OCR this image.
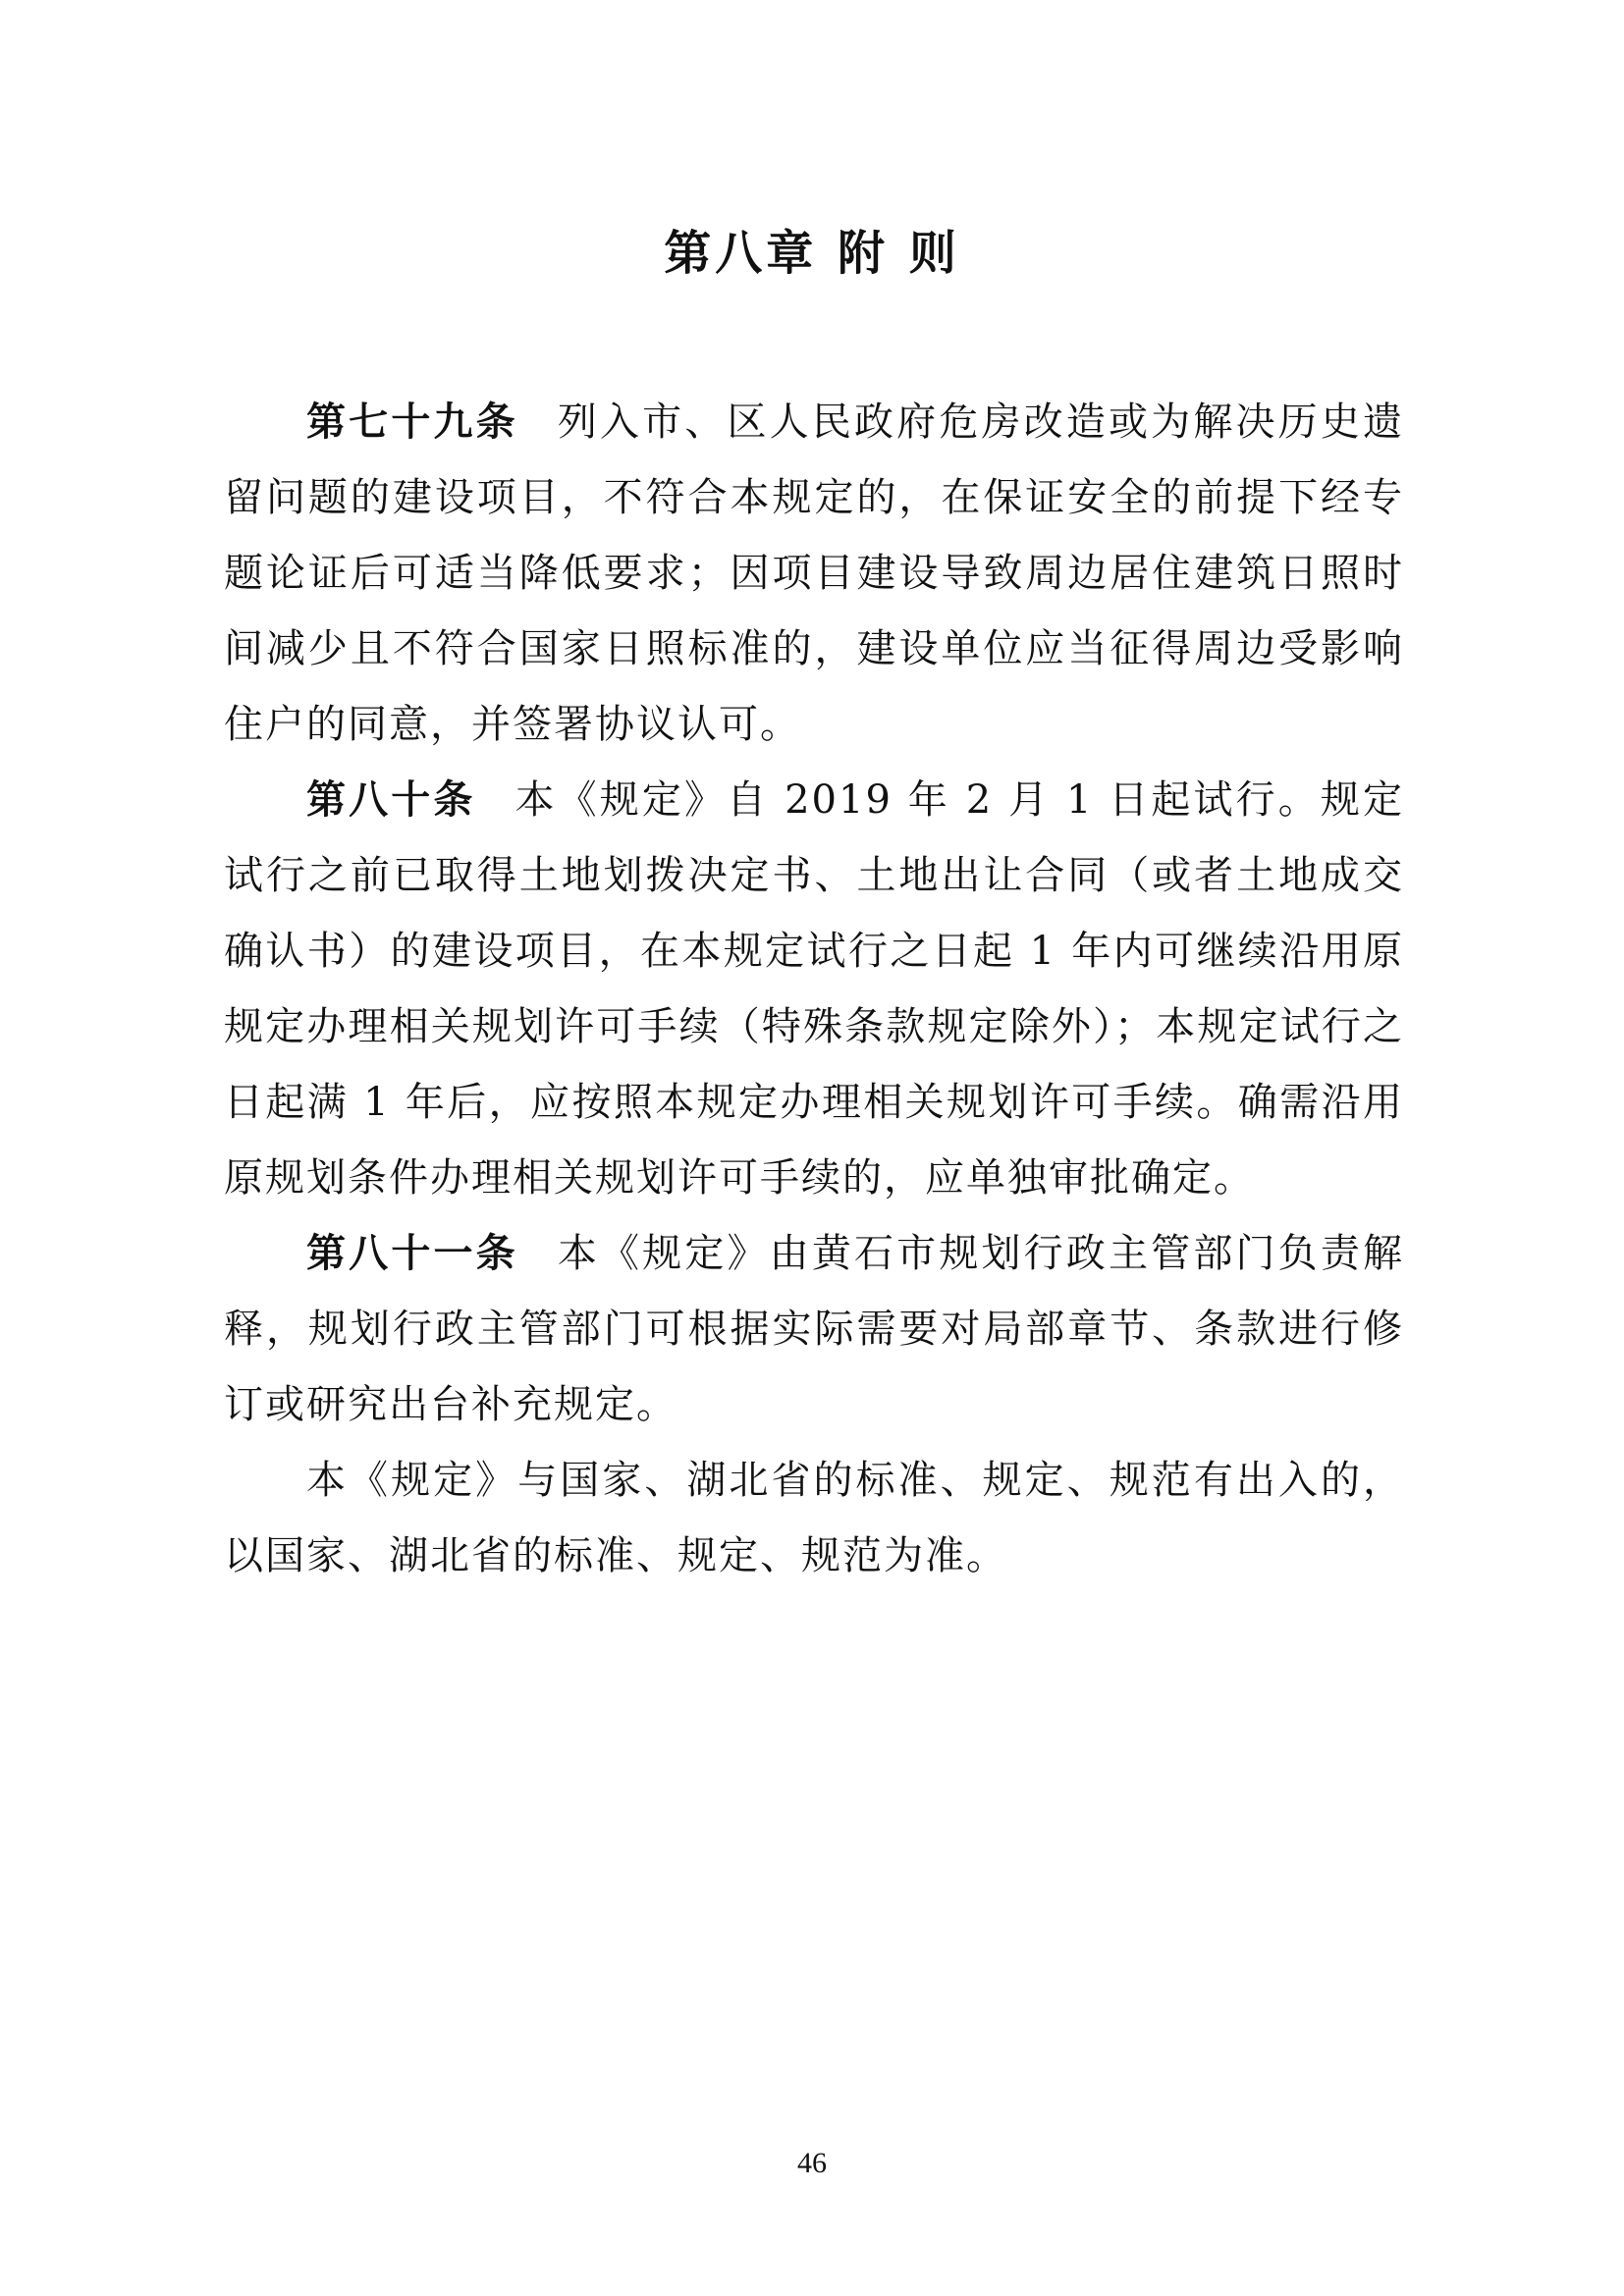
第八章 附 则

第七十九条 列入市、区人民政府危房改造或为解决历史遗留问题的建设项目，不符合本规定的，在保证安全的前提下经专题论证后可适当降低要求；因项目建设导致周边居住建筑日照时间减少且不符合国家日照标准的，建设单位应当征得周边受影响住户的同意，并签署协议认可。

第八十条 本《规定》自 2019 年 2 月 1 日起试行。规定试行之前已取得土地划拨决定书、土地出让合同（或者土地成交确认书）的建设项目，在本规定试行之日起 1 年内可继续沿用原规定办理相关规划许可手续（特殊条款规定除外）；本规定试行之日起满 1 年后，应按照本规定办理相关规划许可手续。确需沿用原规划条件办理相关规划许可手续的，应单独审批确定。

第八十一条 本《规定》由黄石市规划行政主管部门负责解释，规划行政主管部门可根据实际需要对局部章节、条款进行修订或研究出台补充规定。

本《规定》与国家、湖北省的标准、规定、规范有出入的，以国家、湖北省的标准、规定、规范为准。

46
